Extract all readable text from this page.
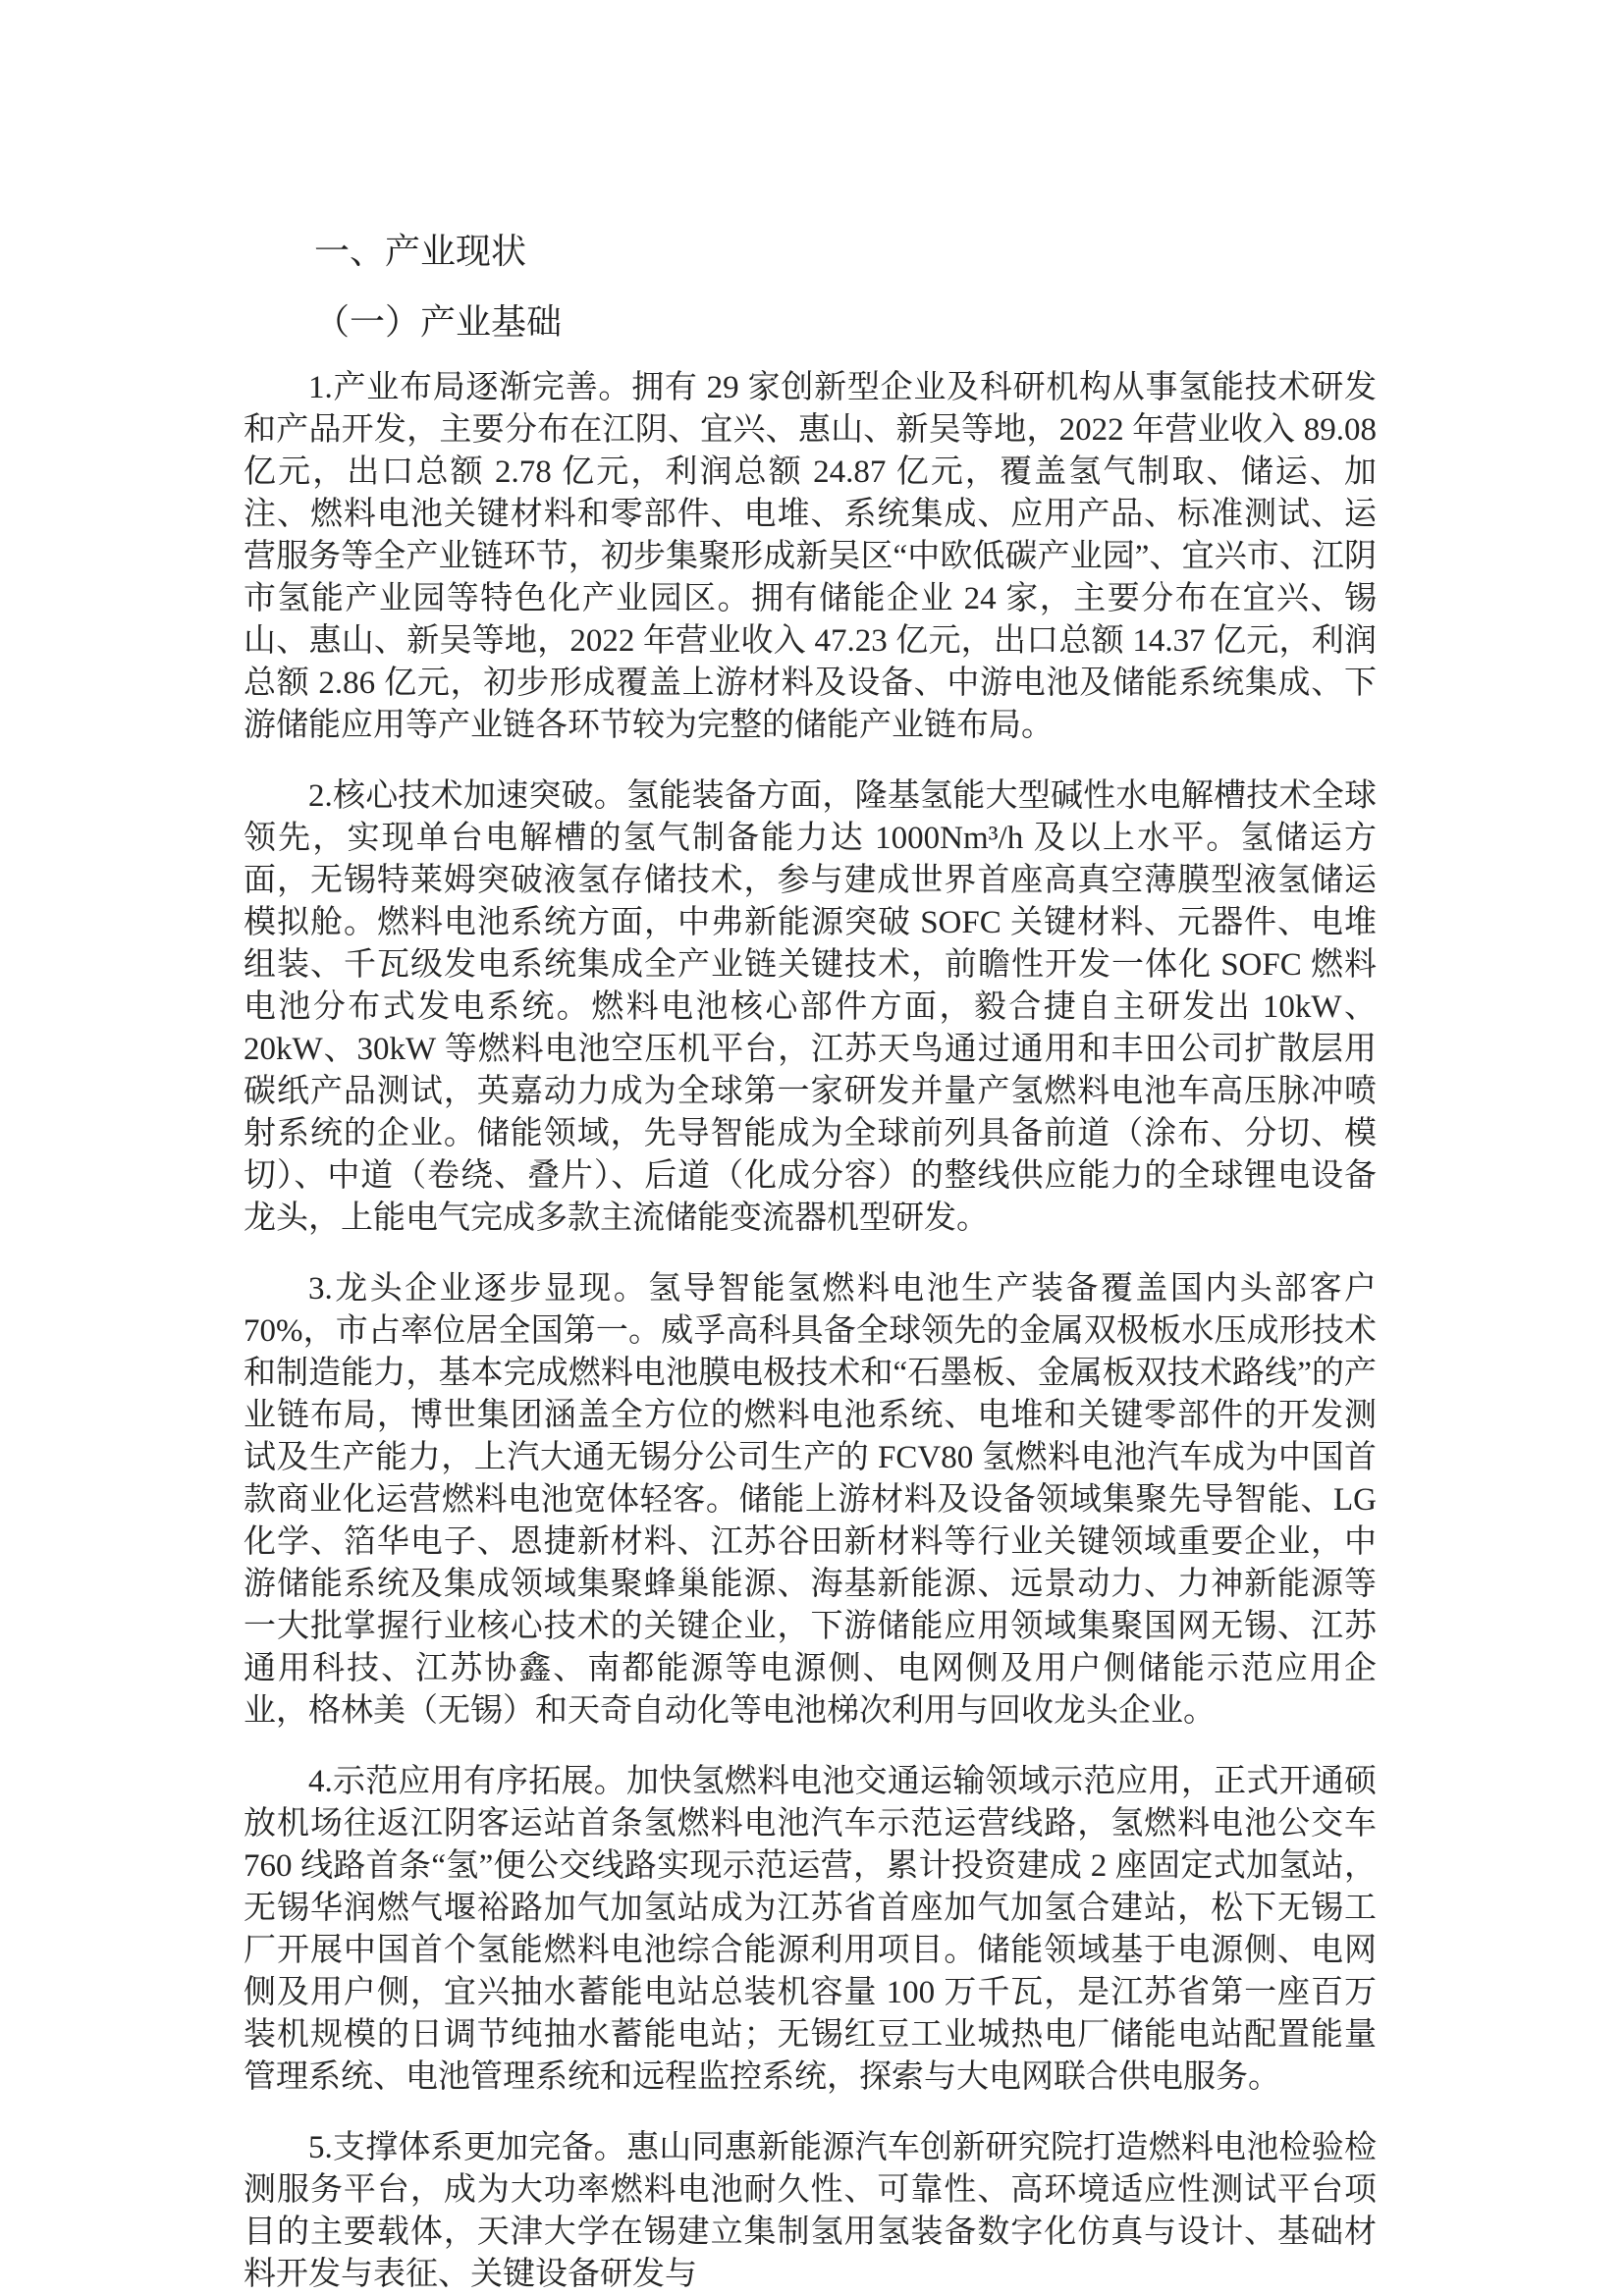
一、产业现状
（一）产业基础

1.产业布局逐渐完善。拥有 29 家创新型企业及科研机构从事氢能技术研发和产品开发，主要分布在江阴、宜兴、惠山、新吴等地，2022 年营业收入 89.08 亿元，出口总额 2.78 亿元，利润总额 24.87 亿元，覆盖氢气制取、储运、加注、燃料电池关键材料和零部件、电堆、系统集成、应用产品、标准测试、运营服务等全产业链环节，初步集聚形成新吴区“中欧低碳产业园”、宜兴市、江阴市氢能产业园等特色化产业园区。拥有储能企业 24 家，主要分布在宜兴、锡山、惠山、新吴等地，2022 年营业收入 47.23 亿元，出口总额 14.37 亿元，利润总额 2.86 亿元，初步形成覆盖上游材料及设备、中游电池及储能系统集成、下游储能应用等产业链各环节较为完整的储能产业链布局。

2.核心技术加速突破。氢能装备方面，隆基氢能大型碱性水电解槽技术全球领先，实现单台电解槽的氢气制备能力达 1000Nm³/h 及以上水平。氢储运方面，无锡特莱姆突破液氢存储技术，参与建成世界首座高真空薄膜型液氢储运模拟舱。燃料电池系统方面，中弗新能源突破 SOFC 关键材料、元器件、电堆组装、千瓦级发电系统集成全产业链关键技术，前瞻性开发一体化 SOFC 燃料电池分布式发电系统。燃料电池核心部件方面，毅合捷自主研发出 10kW、20kW、30kW 等燃料电池空压机平台，江苏天鸟通过通用和丰田公司扩散层用碳纸产品测试，英嘉动力成为全球第一家研发并量产氢燃料电池车高压脉冲喷射系统的企业。储能领域，先导智能成为全球前列具备前道（涂布、分切、模切）、中道（卷绕、叠片）、后道（化成分容）的整线供应能力的全球锂电设备龙头，上能电气完成多款主流储能变流器机型研发。

3.龙头企业逐步显现。氢导智能氢燃料电池生产装备覆盖国内头部客户 70%，市占率位居全国第一。威孚高科具备全球领先的金属双极板水压成形技术和制造能力，基本完成燃料电池膜电极技术和“石墨板、金属板双技术路线”的产业链布局，博世集团涵盖全方位的燃料电池系统、电堆和关键零部件的开发测试及生产能力，上汽大通无锡分公司生产的 FCV80 氢燃料电池汽车成为中国首款商业化运营燃料电池宽体轻客。储能上游材料及设备领域集聚先导智能、LG 化学、箔华电子、恩捷新材料、江苏谷田新材料等行业关键领域重要企业，中游储能系统及集成领域集聚蜂巢能源、海基新能源、远景动力、力神新能源等一大批掌握行业核心技术的关键企业，下游储能应用领域集聚国网无锡、江苏通用科技、江苏协鑫、南都能源等电源侧、电网侧及用户侧储能示范应用企业，格林美（无锡）和天奇自动化等电池梯次利用与回收龙头企业。

4.示范应用有序拓展。加快氢燃料电池交通运输领域示范应用，正式开通硕放机场往返江阴客运站首条氢燃料电池汽车示范运营线路，氢燃料电池公交车 760 线路首条“氢”便公交线路实现示范运营，累计投资建成 2 座固定式加氢站，无锡华润燃气堰裕路加气加氢站成为江苏省首座加气加氢合建站，松下无锡工厂开展中国首个氢能燃料电池综合能源利用项目。储能领域基于电源侧、电网侧及用户侧，宜兴抽水蓄能电站总装机容量 100 万千瓦，是江苏省第一座百万装机规模的日调节纯抽水蓄能电站；无锡红豆工业城热电厂储能电站配置能量管理系统、电池管理系统和远程监控系统，探索与大电网联合供电服务。

5.支撑体系更加完备。惠山同惠新能源汽车创新研究院打造燃料电池检验检测服务平台，成为大功率燃料电池耐久性、可靠性、高环境适应性测试平台项目的主要载体，天津大学在锡建立集制氢用氢装备数字化仿真与设计、基础材料开发与表征、关键设备研发与
